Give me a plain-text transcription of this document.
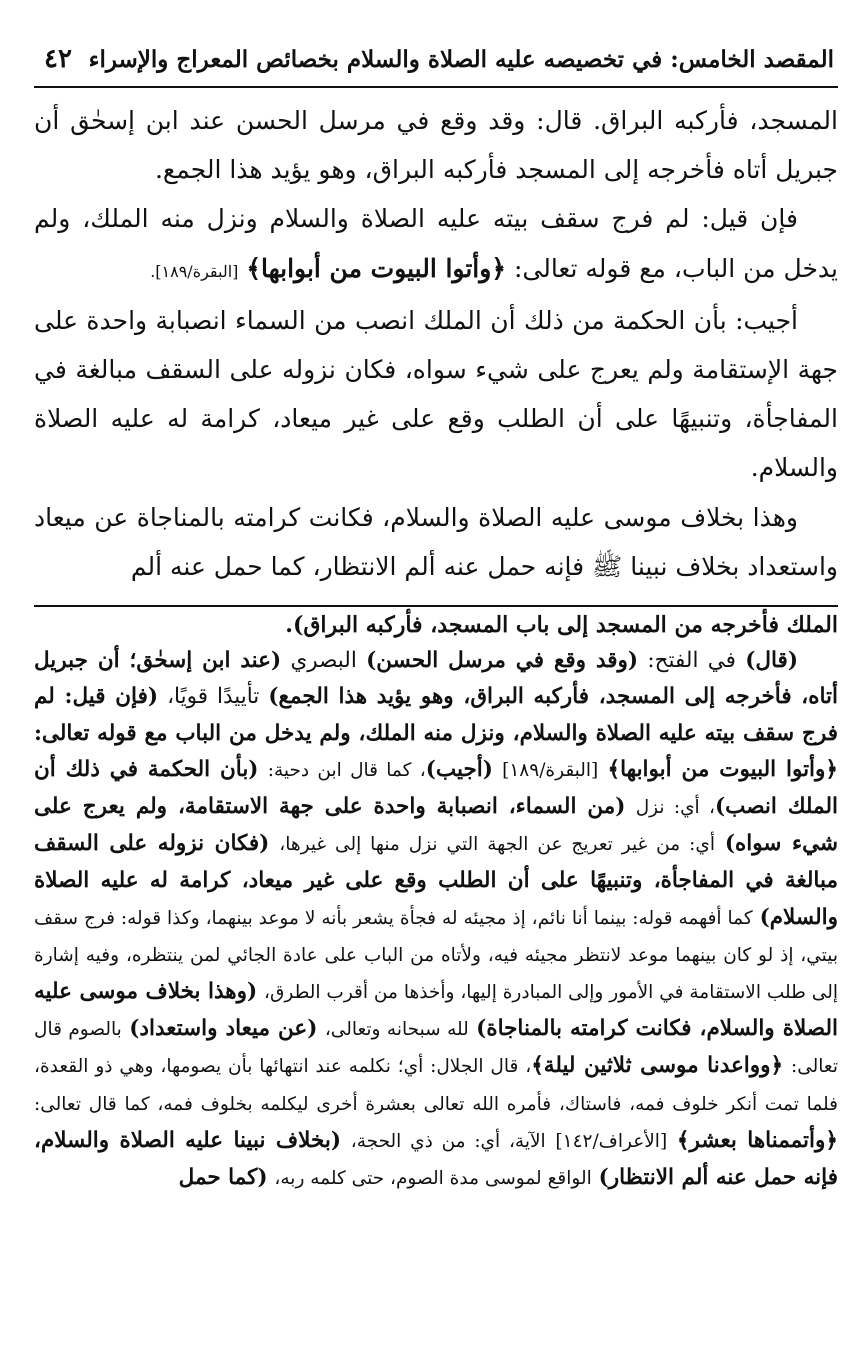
المقصد الخامس: في تخصيصه عليه الصلاة والسلام بخصائص المعراج والإسراء
٤٢

المسجد، فأركبه البراق. قال: وقد وقع في مرسل الحسن عند ابن إسحٰق أن جبريل أتاه فأخرجه إلى المسجد فأركبه البراق، وهو يؤيد هذا الجمع.

فإن قيل: لم فرج سقف بيته عليه الصلاة والسلام ونزل منه الملك، ولم يدخل من الباب، مع قوله تعالى: ﴿وأتوا البيوت من أبوابها﴾ [البقرة/١٨٩].

أجيب: بأن الحكمة من ذلك أن الملك انصب من السماء انصبابة واحدة على جهة الإستقامة ولم يعرج على شيء سواه، فكان نزوله على السقف مبالغة في المفاجأة، وتنبيهًا على أن الطلب وقع على غير ميعاد، كرامة له عليه الصلاة والسلام.

وهذا بخلاف موسى عليه الصلاة والسلام، فكانت كرامته بالمناجاة عن ميعاد واستعداد بخلاف نبينا ﷺ فإنه حمل عنه ألم الانتظار، كما حمل عنه ألم

الملك فأخرجه من المسجد إلى باب المسجد، فأركبه البراق).

(قال) في الفتح: (وقد وقع في مرسل الحسن) البصري (عند ابن إسحٰق؛ أن جبريل أتاه، فأخرجه إلى المسجد، فأركبه البراق، وهو يؤيد هذا الجمع) تأييدًا قويًا، (فإن قيل: لم فرج سقف بيته عليه الصلاة والسلام، ونزل منه الملك، ولم يدخل من الباب مع قوله تعالى: ﴿وأتوا البيوت من أبوابها﴾ [البقرة/١٨٩] (أجيب)، كما قال ابن دحية: (بأن الحكمة في ذلك أن الملك انصب)، أي: نزل (من السماء، انصبابة واحدة على جهة الاستقامة، ولم يعرج على شيء سواه) أي: من غير تعريج عن الجهة التي نزل منها إلى غيرها، (فكان نزوله على السقف مبالغة في المفاجأة، وتنبيهًا على أن الطلب وقع على غير ميعاد، كرامة له عليه الصلاة والسلام) كما أفهمه قوله: بينما أنا نائم، إذ مجيئه له فجأة يشعر بأنه لا موعد بينهما، وكذا قوله: فرج سقف بيتي، إذ لو كان بينهما موعد لانتظر مجيئه فيه، ولأتاه من الباب على عادة الجائي لمن ينتظره، وفيه إشارة إلى طلب الاستقامة في الأمور وإلى المبادرة إليها، وأخذها من أقرب الطرق، (وهذا بخلاف موسى عليه الصلاة والسلام، فكانت كرامته بالمناجاة) لله سبحانه وتعالى، (عن ميعاد واستعداد) بالصوم قال تعالى: ﴿وواعدنا موسى ثلاثين ليلة﴾، قال الجلال: أي؛ نكلمه عند انتهائها بأن يصومها، وهي ذو القعدة، فلما تمت أنكر خلوف فمه، فاستاك، فأمره الله تعالى بعشرة أخرى ليكلمه بخلوف فمه، كما قال تعالى: ﴿وأتممناها بعشر﴾ [الأعراف/١٤٢] الآية، أي: من ذي الحجة، (بخلاف نبينا عليه الصلاة والسلام، فإنه حمل عنه ألم الانتظار) الواقع لموسى مدة الصوم، حتى كلمه ربه، (كما حمل
